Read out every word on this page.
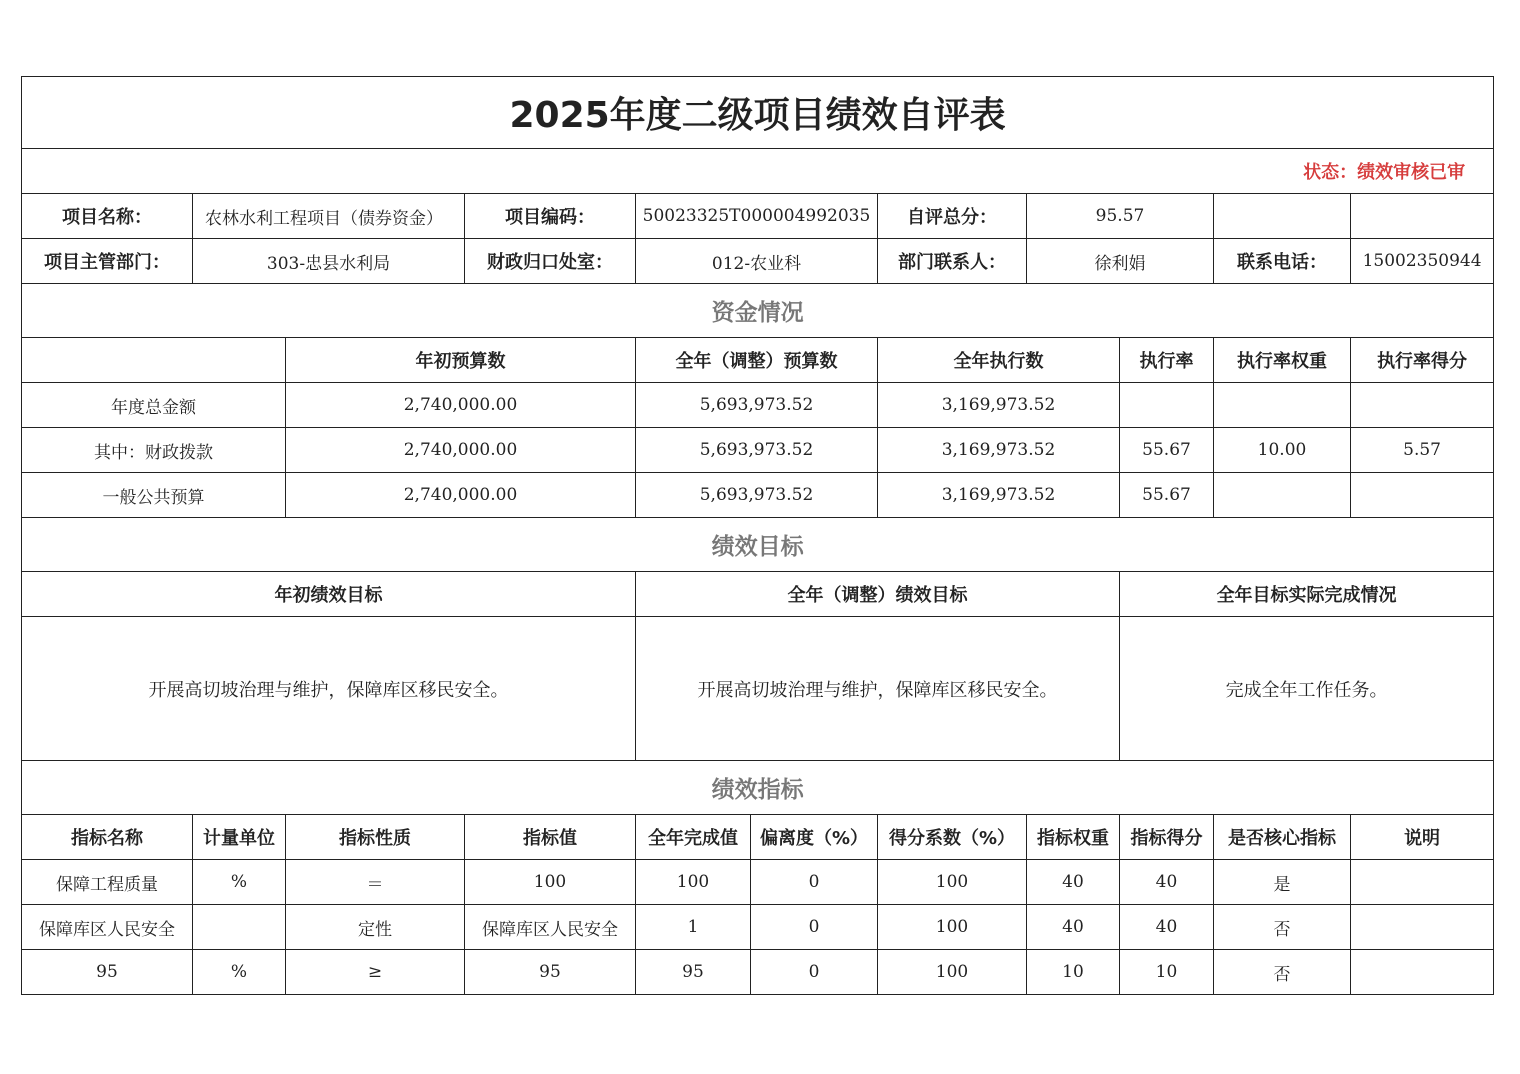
2025年度二级项目绩效自评表										
状态：绩效审核已审										
项目名称：	农林水利工程项目（债券资金）		项目编码：	50023325T000004992035		自评总分：	95.57			
项目主管部门：	303-忠县水利局		财政归口处室：	012-农业科		部门联系人：	徐利娟		联系电话：	15002350944
资金情况										
		年初预算数		全年（调整）预算数		全年执行数		执行率	执行率权重	执行率得分
年度总金额		2,740,000.00		5,693,973.52		3,169,973.52				
其中：财政拨款		2,740,000.00		5,693,973.52		3,169,973.52		55.67	10.00	5.57
一般公共预算		2,740,000.00		5,693,973.52		3,169,973.52		55.67		
绩效目标										
年初绩效目标				全年（调整）绩效目标				全年目标实际完成情况		
开展高切坡治理与维护，保障库区移民安全。				开展高切坡治理与维护，保障库区移民安全。				完成全年工作任务。		
绩效指标										
指标名称	计量单位	指标性质	指标值	全年完成值	偏离度（%）	得分系数（%）	指标权重	指标得分	是否核心指标	说明
保障工程质量	%	＝	100	100	0	100	40	40	是	
保障库区人民安全		定性	保障库区人民安全	1	0	100	40	40	否	
95	%	≥	95	95	0	100	10	10	否	
